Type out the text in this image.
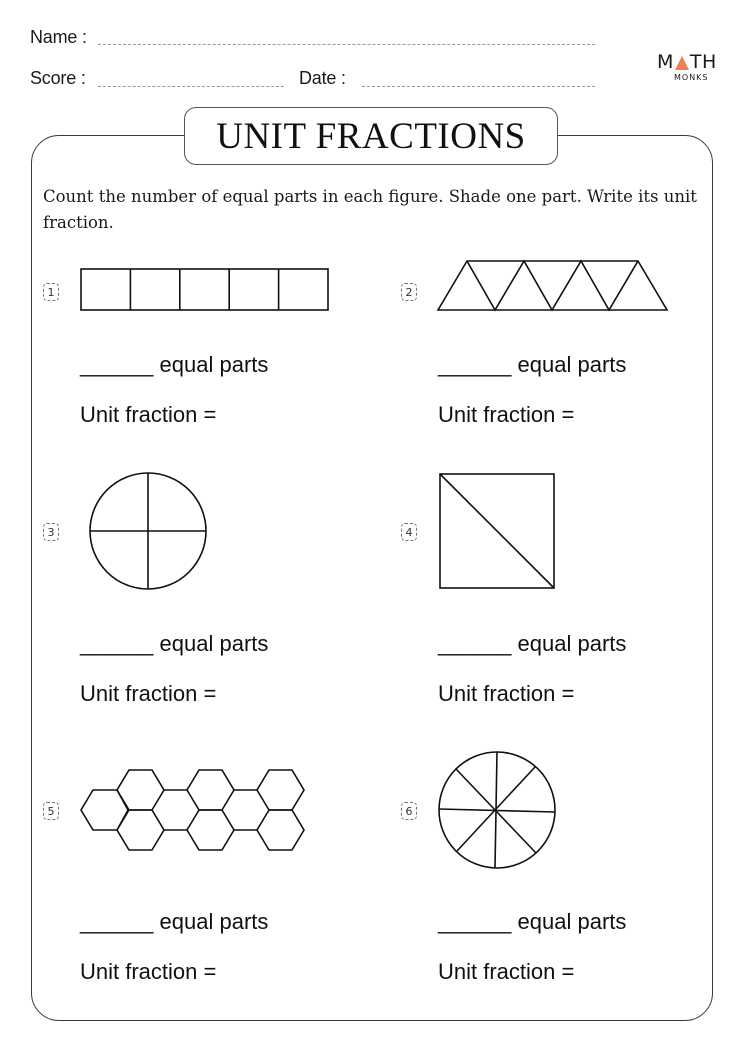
Name :
Score :	Date :
M TH
MONKS
UNIT FRACTIONS
Count the number of equal parts in each figure. Shade one part. Write its unit fraction.
1
______ equal parts
Unit fraction =
2
______ equal parts
Unit fraction =
3
______ equal parts
Unit fraction =
4
______ equal parts
Unit fraction =
5
______ equal parts
Unit fraction =
6
______ equal parts
Unit fraction =
